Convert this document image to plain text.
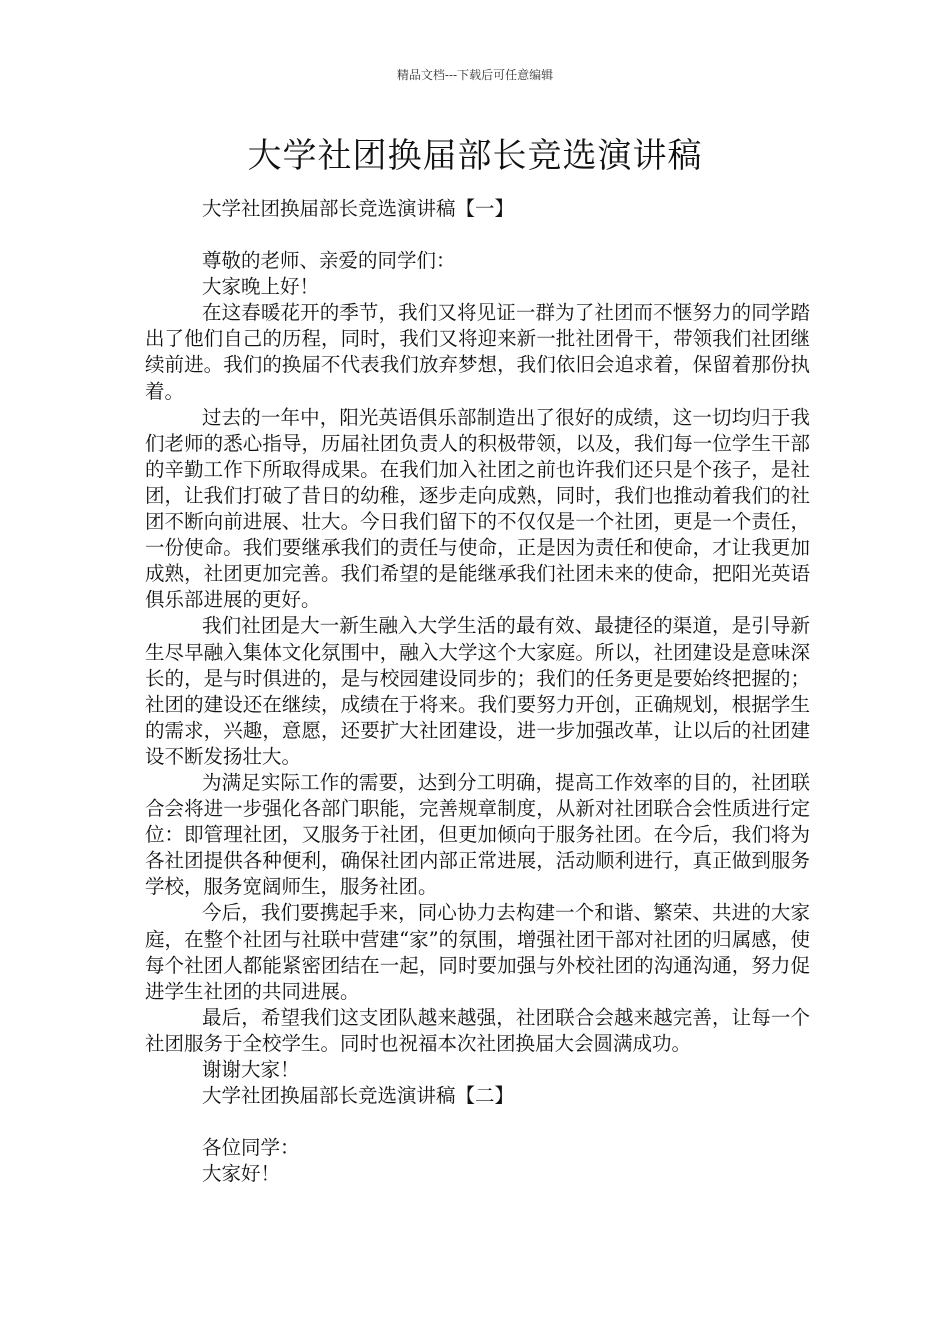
精品文档---下载后可任意编辑
大学社团换届部长竞选演讲稿

大学社团换届部长竞选演讲稿【一】

尊敬的老师、亲爱的同学们：

大家晚上好！

在这春暖花开的季节，我们又将见证一群为了社团而不惬努力的同学踏出了他们自己的历程，同时，我们又将迎来新一批社团骨干，带领我们社团继续前进。我们的换届不代表我们放弃梦想，我们依旧会追求着，保留着那份执着。

过去的一年中，阳光英语俱乐部制造出了很好的成绩，这一切均归于我们老师的悉心指导，历届社团负责人的积极带领，以及，我们每一位学生干部的辛勤工作下所取得成果。在我们加入社团之前也许我们还只是个孩子，是社团，让我们打破了昔日的幼稚，逐步走向成熟，同时，我们也推动着我们的社团不断向前进展、壮大。今日我们留下的不仅仅是一个社团，更是一个责任，一份使命。我们要继承我们的责任与使命，正是因为责任和使命，才让我更加成熟，社团更加完善。我们希望的是能继承我们社团未来的使命，把阳光英语俱乐部进展的更好。

我们社团是大一新生融入大学生活的最有效、最捷径的渠道，是引导新生尽早融入集体文化氛围中，融入大学这个大家庭。所以，社团建设是意味深长的，是与时俱进的，是与校园建设同步的；我们的任务更是要始终把握的；社团的建设还在继续，成绩在于将来。我们要努力开创，正确规划，根据学生的需求，兴趣，意愿，还要扩大社团建设，进一步加强改革，让以后的社团建设不断发扬壮大。

为满足实际工作的需要，达到分工明确，提高工作效率的目的，社团联合会将进一步强化各部门职能，完善规章制度，从新对社团联合会性质进行定位：即管理社团，又服务于社团，但更加倾向于服务社团。在今后，我们将为各社团提供各种便利，确保社团内部正常进展，活动顺利进行，真正做到服务学校，服务宽阔师生，服务社团。

今后，我们要携起手来，同心协力去构建一个和谐、繁荣、共进的大家庭，在整个社团与社联中营建“家”的氛围，增强社团干部对社团的归属感，使每个社团人都能紧密团结在一起，同时要加强与外校社团的沟通沟通，努力促进学生社团的共同进展。

最后，希望我们这支团队越来越强，社团联合会越来越完善，让每一个社团服务于全校学生。同时也祝福本次社团换届大会圆满成功。

谢谢大家！

大学社团换届部长竞选演讲稿【二】

各位同学：

大家好！
